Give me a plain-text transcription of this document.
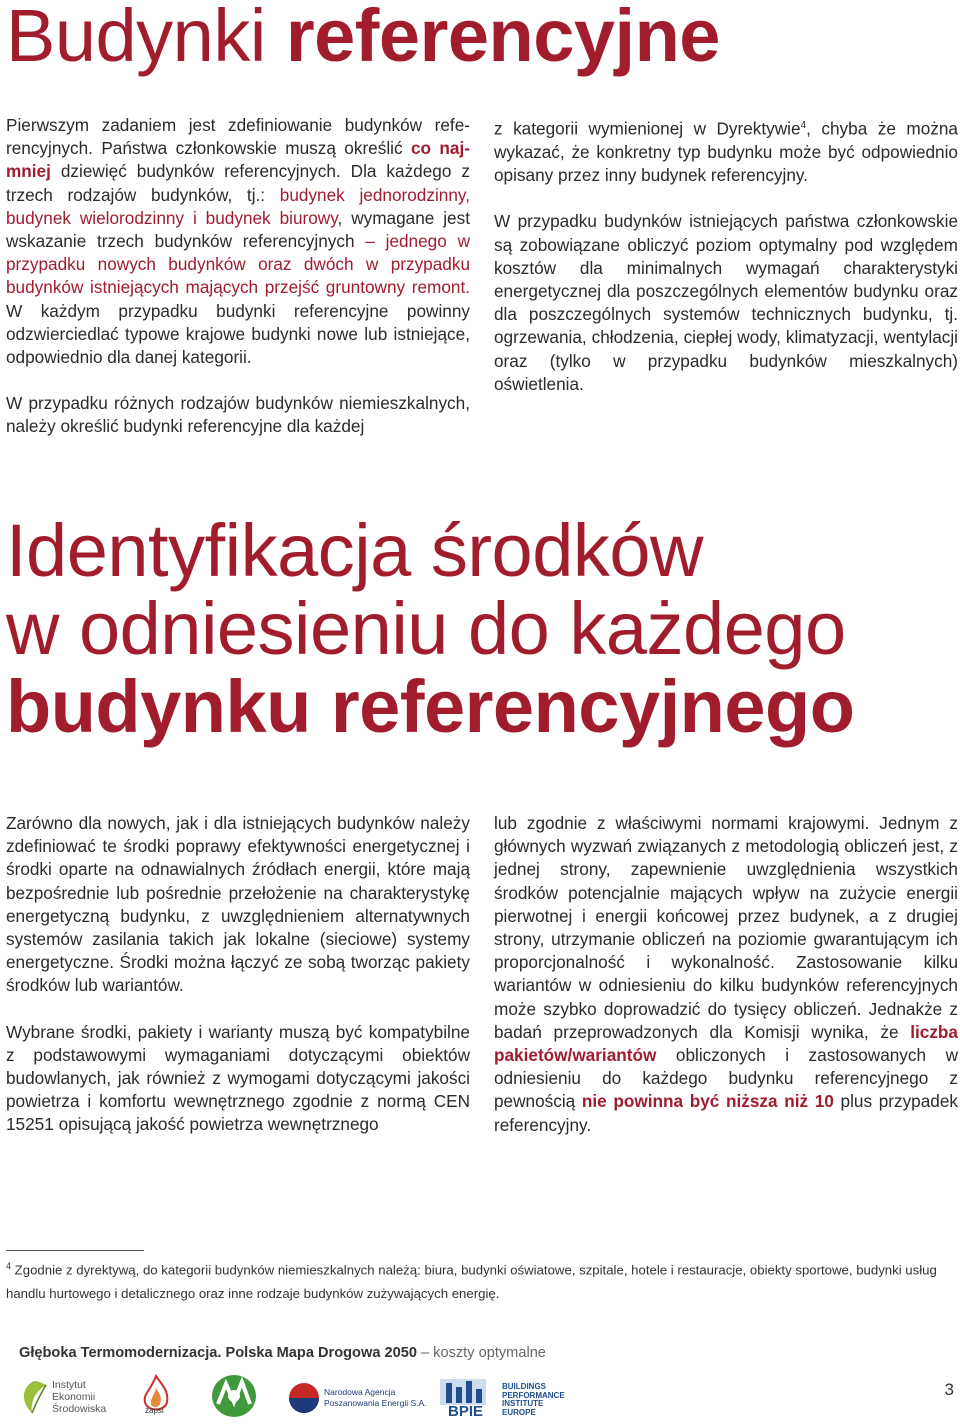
Budynki referencyjne

Pierwszym zadaniem jest zdefiniowanie budynków referencyjnych. Państwa członkowskie muszą określić co najmniej dziewięć budynków referencyjnych. Dla każdego z trzech rodzajów budynków, tj.: budynek jednorodzinny, budynek wielorodzinny i budynek biurowy, wymagane jest wskazanie trzech budynków referencyjnych – jednego w przypadku nowych budynków oraz dwóch w przypadku budynków istniejących mających przejść gruntowny remont. W każdym przypadku budynki referencyjne powinny odzwierciedlać typowe krajowe budynki nowe lub istniejące, odpowiednio dla danej kategorii.

W przypadku różnych rodzajów budynków niemieszkalnych, należy określić budynki referencyjne dla każdej

z kategorii wymienionej w Dyrektywie$^4$, chyba że można wykazać, że konkretny typ budynku może być odpowiednio opisany przez inny budynek referencyjny.

W przypadku budynków istniejących państwa członkowskie są zobowiązane obliczyć poziom optymalny pod względem kosztów dla minimalnych wymagań charakterystyki energetycznej dla poszczególnych elementów budynku oraz dla poszczególnych systemów technicznych budynku, tj. ogrzewania, chłodzenia, ciepłej wody, klimatyzacji, wentylacji oraz (tylko w przypadku budynków mieszkalnych) oświetlenia.

Identyfikacja środków
w odniesieniu do każdego
budynku referencyjnego

Zarówno dla nowych, jak i dla istniejących budynków należy zdefiniować te środki poprawy efektywności energetycznej i środki oparte na odnawialnych źródłach energii, które mają bezpośrednie lub pośrednie przełożenie na charakterystykę energetyczną budynku, z uwzględnieniem alternatywnych systemów zasilania takich jak lokalne (sieciowe) systemy energetyczne. Środki można łączyć ze sobą tworząc pakiety środków lub wariantów.

Wybrane środki, pakiety i warianty muszą być kompatybilne z podstawowymi wymaganiami dotyczącymi obiektów budowlanych, jak również z wymogami dotyczącymi jakości powietrza i komfortu wewnętrznego zgodnie z normą CEN 15251 opisującą jakość powietrza wewnętrznego

lub zgodnie z właściwymi normami krajowymi. Jednym z głównych wyzwań związanych z metodologią obliczeń jest, z jednej strony, zapewnienie uwzględnienia wszystkich środków potencjalnie mających wpływ na zużycie energii pierwotnej i energii końcowej przez budynek, a z drugiej strony, utrzymanie obliczeń na poziomie gwarantującym ich proporcjonalność i wykonalność. Zastosowanie kilku wariantów w odniesieniu do kilku budynków referencyjnych może szybko doprowadzić do tysięcy obliczeń. Jednakże z badań przeprowadzonych dla Komisji wynika, że liczba pakietów/wariantów obliczonych i zastosowanych w odniesieniu do każdego budynku referencyjnego z pewnością nie powinna być niższa niż 10 plus przypadek referencyjny.

$^4$ Zgodnie z dyrektywą, do kategorii budynków niemieszkalnych należą: biura, budynki oświatowe, szpitale, hotele i restauracje, obiekty sportowe, budynki usług handlu hurtowego i detalicznego oraz inne rodzaje budynków zużywających energię.
Głęboka Termomodernizacja. Polska Mapa Drogowa 2050 – koszty optymalne
Instytut
Ekonomii
Środowiska	zapsi
Narodowa Agencja
Poszanowania Energii S.A. BPIE
BUILDINGS
PERFORMANCE
INSTITUTE
EUROPE
3
